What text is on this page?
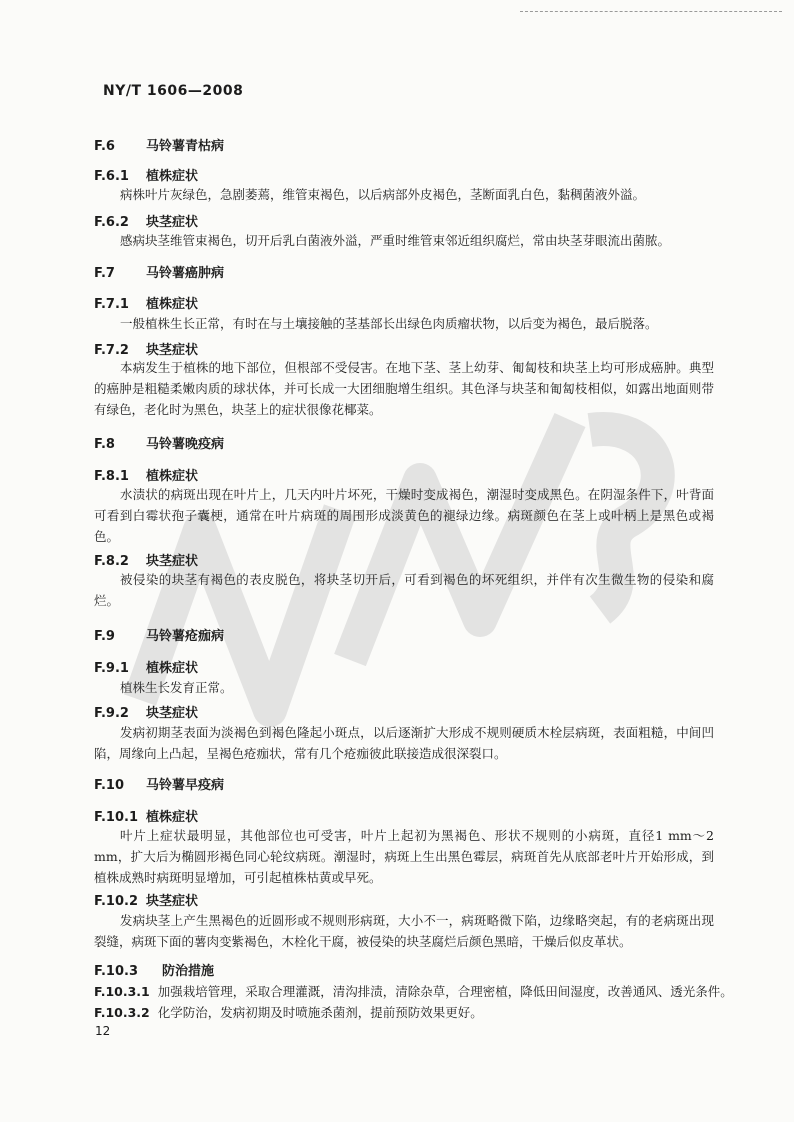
NY/T 1606—2008
F.6 马铃薯青枯病
F.6.1 植株症状
病株叶片灰绿色，急剧萎蔫，维管束褐色，以后病部外皮褐色，茎断面乳白色，黏稠菌液外溢。
F.6.2 块茎症状
感病块茎维管束褐色，切开后乳白菌液外溢，严重时维管束邻近组织腐烂，常由块茎芽眼流出菌脓。
F.7 马铃薯癌肿病
F.7.1 植株症状
一般植株生长正常，有时在与土壤接触的茎基部长出绿色肉质瘤状物，以后变为褐色，最后脱落。
F.7.2 块茎症状
本病发生于植株的地下部位，但根部不受侵害。在地下茎、茎上幼芽、匍匐枝和块茎上均可形成癌肿。典型的癌肿是粗糙柔嫩肉质的球状体，并可长成一大团细胞增生组织。其色泽与块茎和匍匐枝相似，如露出地面则带有绿色，老化时为黑色，块茎上的症状很像花椰菜。
F.8 马铃薯晚疫病
F.8.1 植株症状
水渍状的病斑出现在叶片上，几天内叶片坏死，干燥时变成褐色，潮湿时变成黑色。在阴湿条件下，叶背面可看到白霉状孢子囊梗，通常在叶片病斑的周围形成淡黄色的褪绿边缘。病斑颜色在茎上或叶柄上是黑色或褐色。
F.8.2 块茎症状
被侵染的块茎有褐色的表皮脱色，将块茎切开后，可看到褐色的坏死组织，并伴有次生微生物的侵染和腐烂。
F.9 马铃薯疮痂病
F.9.1 植株症状
植株生长发育正常。
F.9.2 块茎症状
发病初期茎表面为淡褐色到褐色隆起小斑点，以后逐渐扩大形成不规则硬质木栓层病斑，表面粗糙，中间凹陷，周缘向上凸起，呈褐色疮痂状，常有几个疮痂彼此联接造成很深裂口。
F.10 马铃薯早疫病
F.10.1 植株症状
叶片上症状最明显，其他部位也可受害，叶片上起初为黑褐色、形状不规则的小病斑，直径1 mm～2 mm，扩大后为椭圆形褐色同心轮纹病斑。潮湿时，病斑上生出黑色霉层，病斑首先从底部老叶片开始形成，到植株成熟时病斑明显增加，可引起植株枯黄或早死。
F.10.2 块茎症状
发病块茎上产生黑褐色的近圆形或不规则形病斑，大小不一，病斑略微下陷，边缘略突起，有的老病斑出现裂缝，病斑下面的薯肉变紫褐色，木栓化干腐，被侵染的块茎腐烂后颜色黑暗，干燥后似皮革状。
F.10.3 防治措施
F.10.3.1 加强栽培管理，采取合理灌溉，清沟排渍，清除杂草，合理密植，降低田间湿度，改善通风、透光条件。
F.10.3.2 化学防治，发病初期及时喷施杀菌剂，提前预防效果更好。
12
